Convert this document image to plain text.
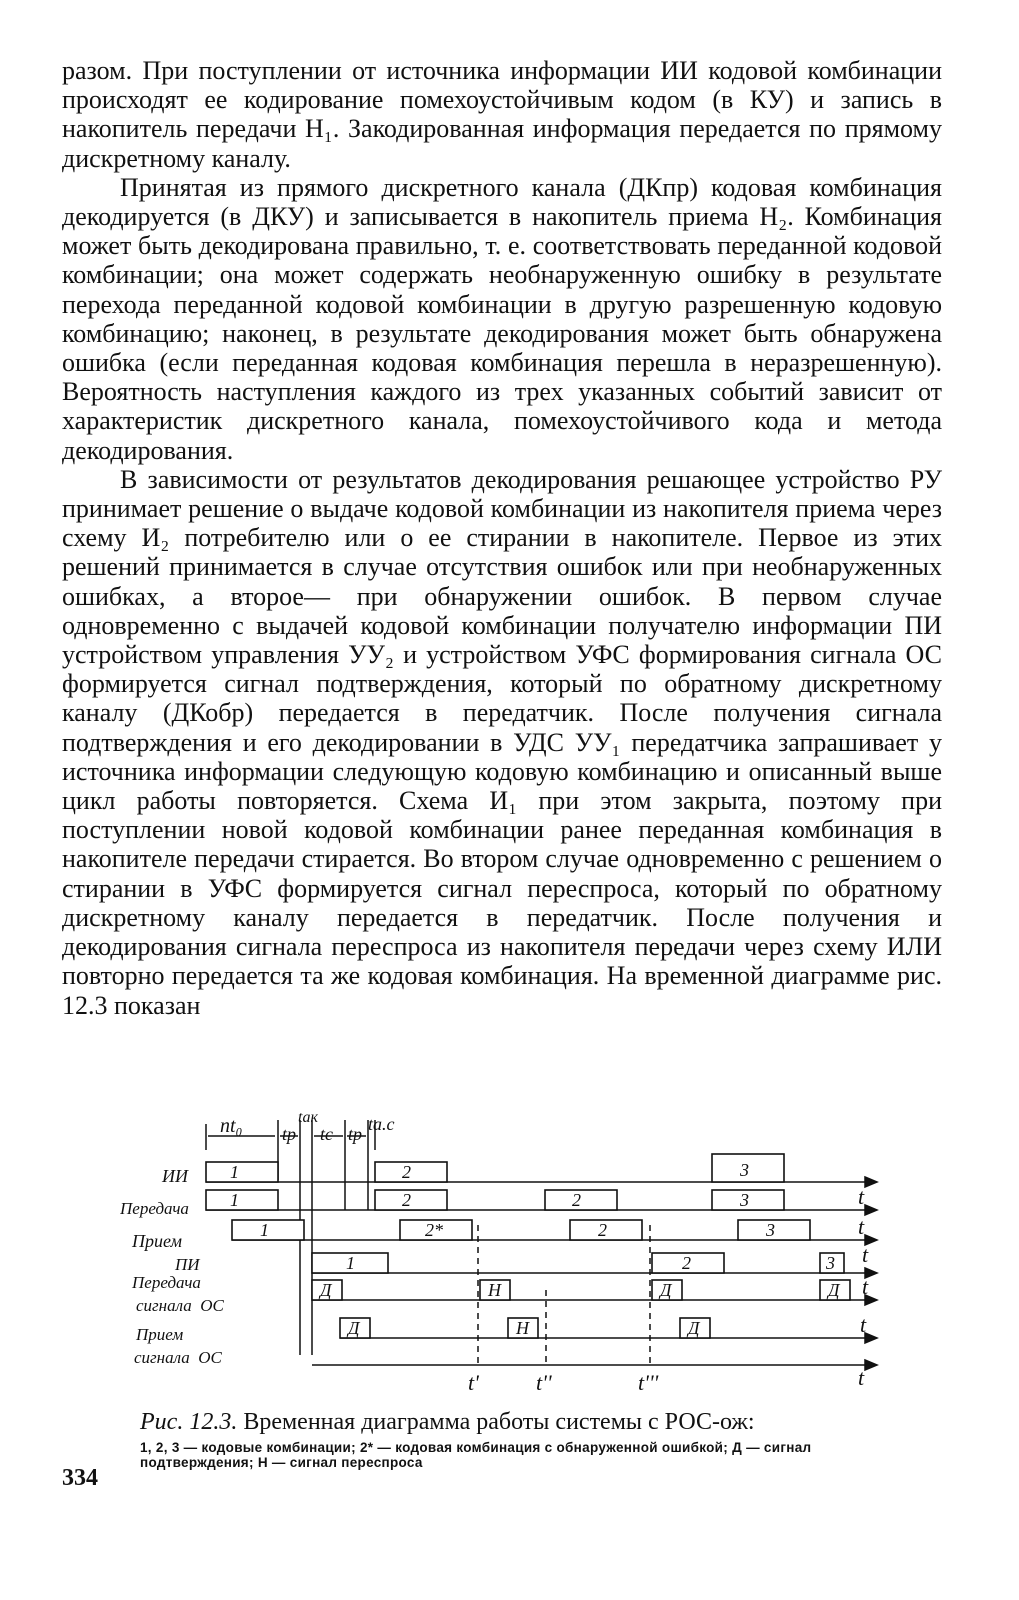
разом. При поступлении от источника информации ИИ кодовой комбинации происходят ее кодирование помехоустойчивым кодом (в КУ) и запись в накопитель передачи Н₁. Закодированная информация передается по прямому дискретному каналу.

Принятая из прямого дискретного канала (ДКпр) кодовая комбинация декодируется (в ДКУ) и записывается в накопитель приема Н₂. Комбинация может быть декодирована правильно, т. е. соответствовать переданной кодовой комбинации; она может содержать необнаруженную ошибку в результате перехода переданной кодовой комбинации в другую разрешенную кодовую комбинацию; наконец, в результате декодирования может быть обнаружена ошибка (если переданная кодовая комбинация перешла в неразрешенную). Вероятность наступления каждого из трех указанных событий зависит от характеристик дискретного канала, помехоустойчивого кода и метода декодирования.

В зависимости от результатов декодирования решающее устройство РУ принимает решение о выдаче кодовой комбинации из накопителя приема через схему И₂ потребителю или о ее стирании в накопителе. Первое из этих решений принимается в случае отсутствия ошибок или при необнаруженных ошибках, а второе— при обнаружении ошибок. В первом случае одновременно с выдачей кодовой комбинации получателю информации ПИ устройством управления УУ₂ и устройством УФС формирования сигнала ОС формируется сигнал подтверждения, который по обратному дискретному каналу (ДКобр) передается в передатчик. После получения сигнала подтверждения и его декодировании в УДС УУ₁ передатчика запрашивает у источника информации следующую кодовую комбинацию и описанный выше цикл работы повторяется. Схема И₁ при этом закрыта, поэтому при поступлении новой кодовой комбинации ранее переданная комбинация в накопителе передачи стирается. Во втором случае одновременно с решением о стирании в УФС формируется сигнал переспроса, который по обратному дискретному каналу передается в передатчик. После получения и декодирования сигнала переспроса из накопителя передачи через схему ИЛИ повторно передается та же кодовая комбинация. На временной диаграмме рис. 12.3 показан

nt₀ tр
tак
tс tр tа.с
ИИ
Передача
Прием
ПИ
Передача
сигнала  ОС
Прием
сигнала  ОС
1	2	3
1	2	2	3
1	2*	2	3
1	2	3
Д	Н	Д	Д
Д	Н	Д
t
t
t
t
t
t
t'	t''	t'''

Рис. 12.3. Временная диаграмма работы системы с РОС-ож:

1, 2, 3 — кодовые комбинации; 2* — кодовая комбинация с обнаруженной ошибкой; Д — сигнал подтверждения; Н — сигнал переспроса

334
